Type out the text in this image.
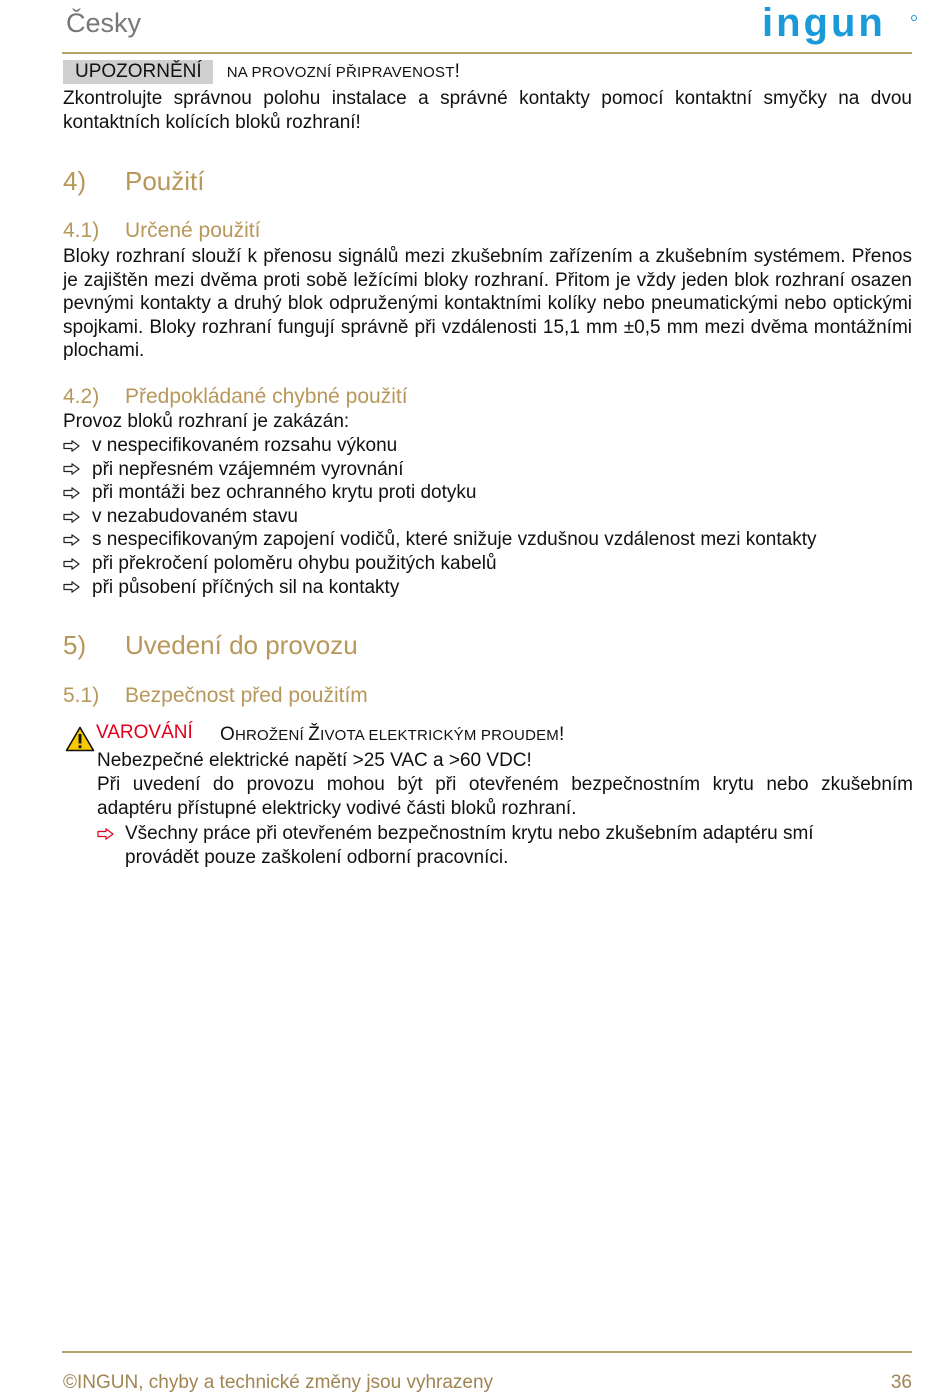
Česky	ingun
UPOZORNĚNÍ NA PROVOZNÍ PŘIPRAVENOST!
Zkontrolujte správnou polohu instalace a správné kontakty pomocí kontaktní smyčky na dvou kontaktních kolících bloků rozhraní!
4) Použití
4.1) Určené použití
Bloky rozhraní slouží k přenosu signálů mezi zkušebním zařízením a zkušebním systémem. Přenos je zajištěn mezi dvěma proti sobě ležícími bloky rozhraní. Přitom je vždy jeden blok rozhraní osazen pevnými kontakty a druhý blok odpruženými kontaktními kolíky nebo pneumatickými nebo optickými spojkami. Bloky rozhraní fungují správně při vzdálenosti 15,1 mm ±0,5 mm mezi dvěma montážními plochami.
4.2) Předpokládané chybné použití
Provoz bloků rozhraní je zakázán:
v nespecifikovaném rozsahu výkonu
při nepřesném vzájemném vyrovnání
při montáži bez ochranného krytu proti dotyku
v nezabudovaném stavu
s nespecifikovaným zapojení vodičů, které snižuje vzdušnou vzdálenost mezi kontakty
při překročení poloměru ohybu použitých kabelů
při působení příčných sil na kontakty
5) Uvedení do provozu
5.1) Bezpečnost před použitím
VAROVÁNÍ OHROŽENÍ ŽIVOTA ELEKTRICKÝM PROUDEM!
Nebezpečné elektrické napětí >25 VAC a >60 VDC!
Při uvedení do provozu mohou být při otevřeném bezpečnostním krytu nebo zkušebním adaptéru přístupné elektricky vodivé části bloků rozhraní.
Všechny práce při otevřeném bezpečnostním krytu nebo zkušebním adaptéru smí provádět pouze zaškolení odborní pracovníci.
©INGUN, chyby a technické změny jsou vyhrazeny	36
